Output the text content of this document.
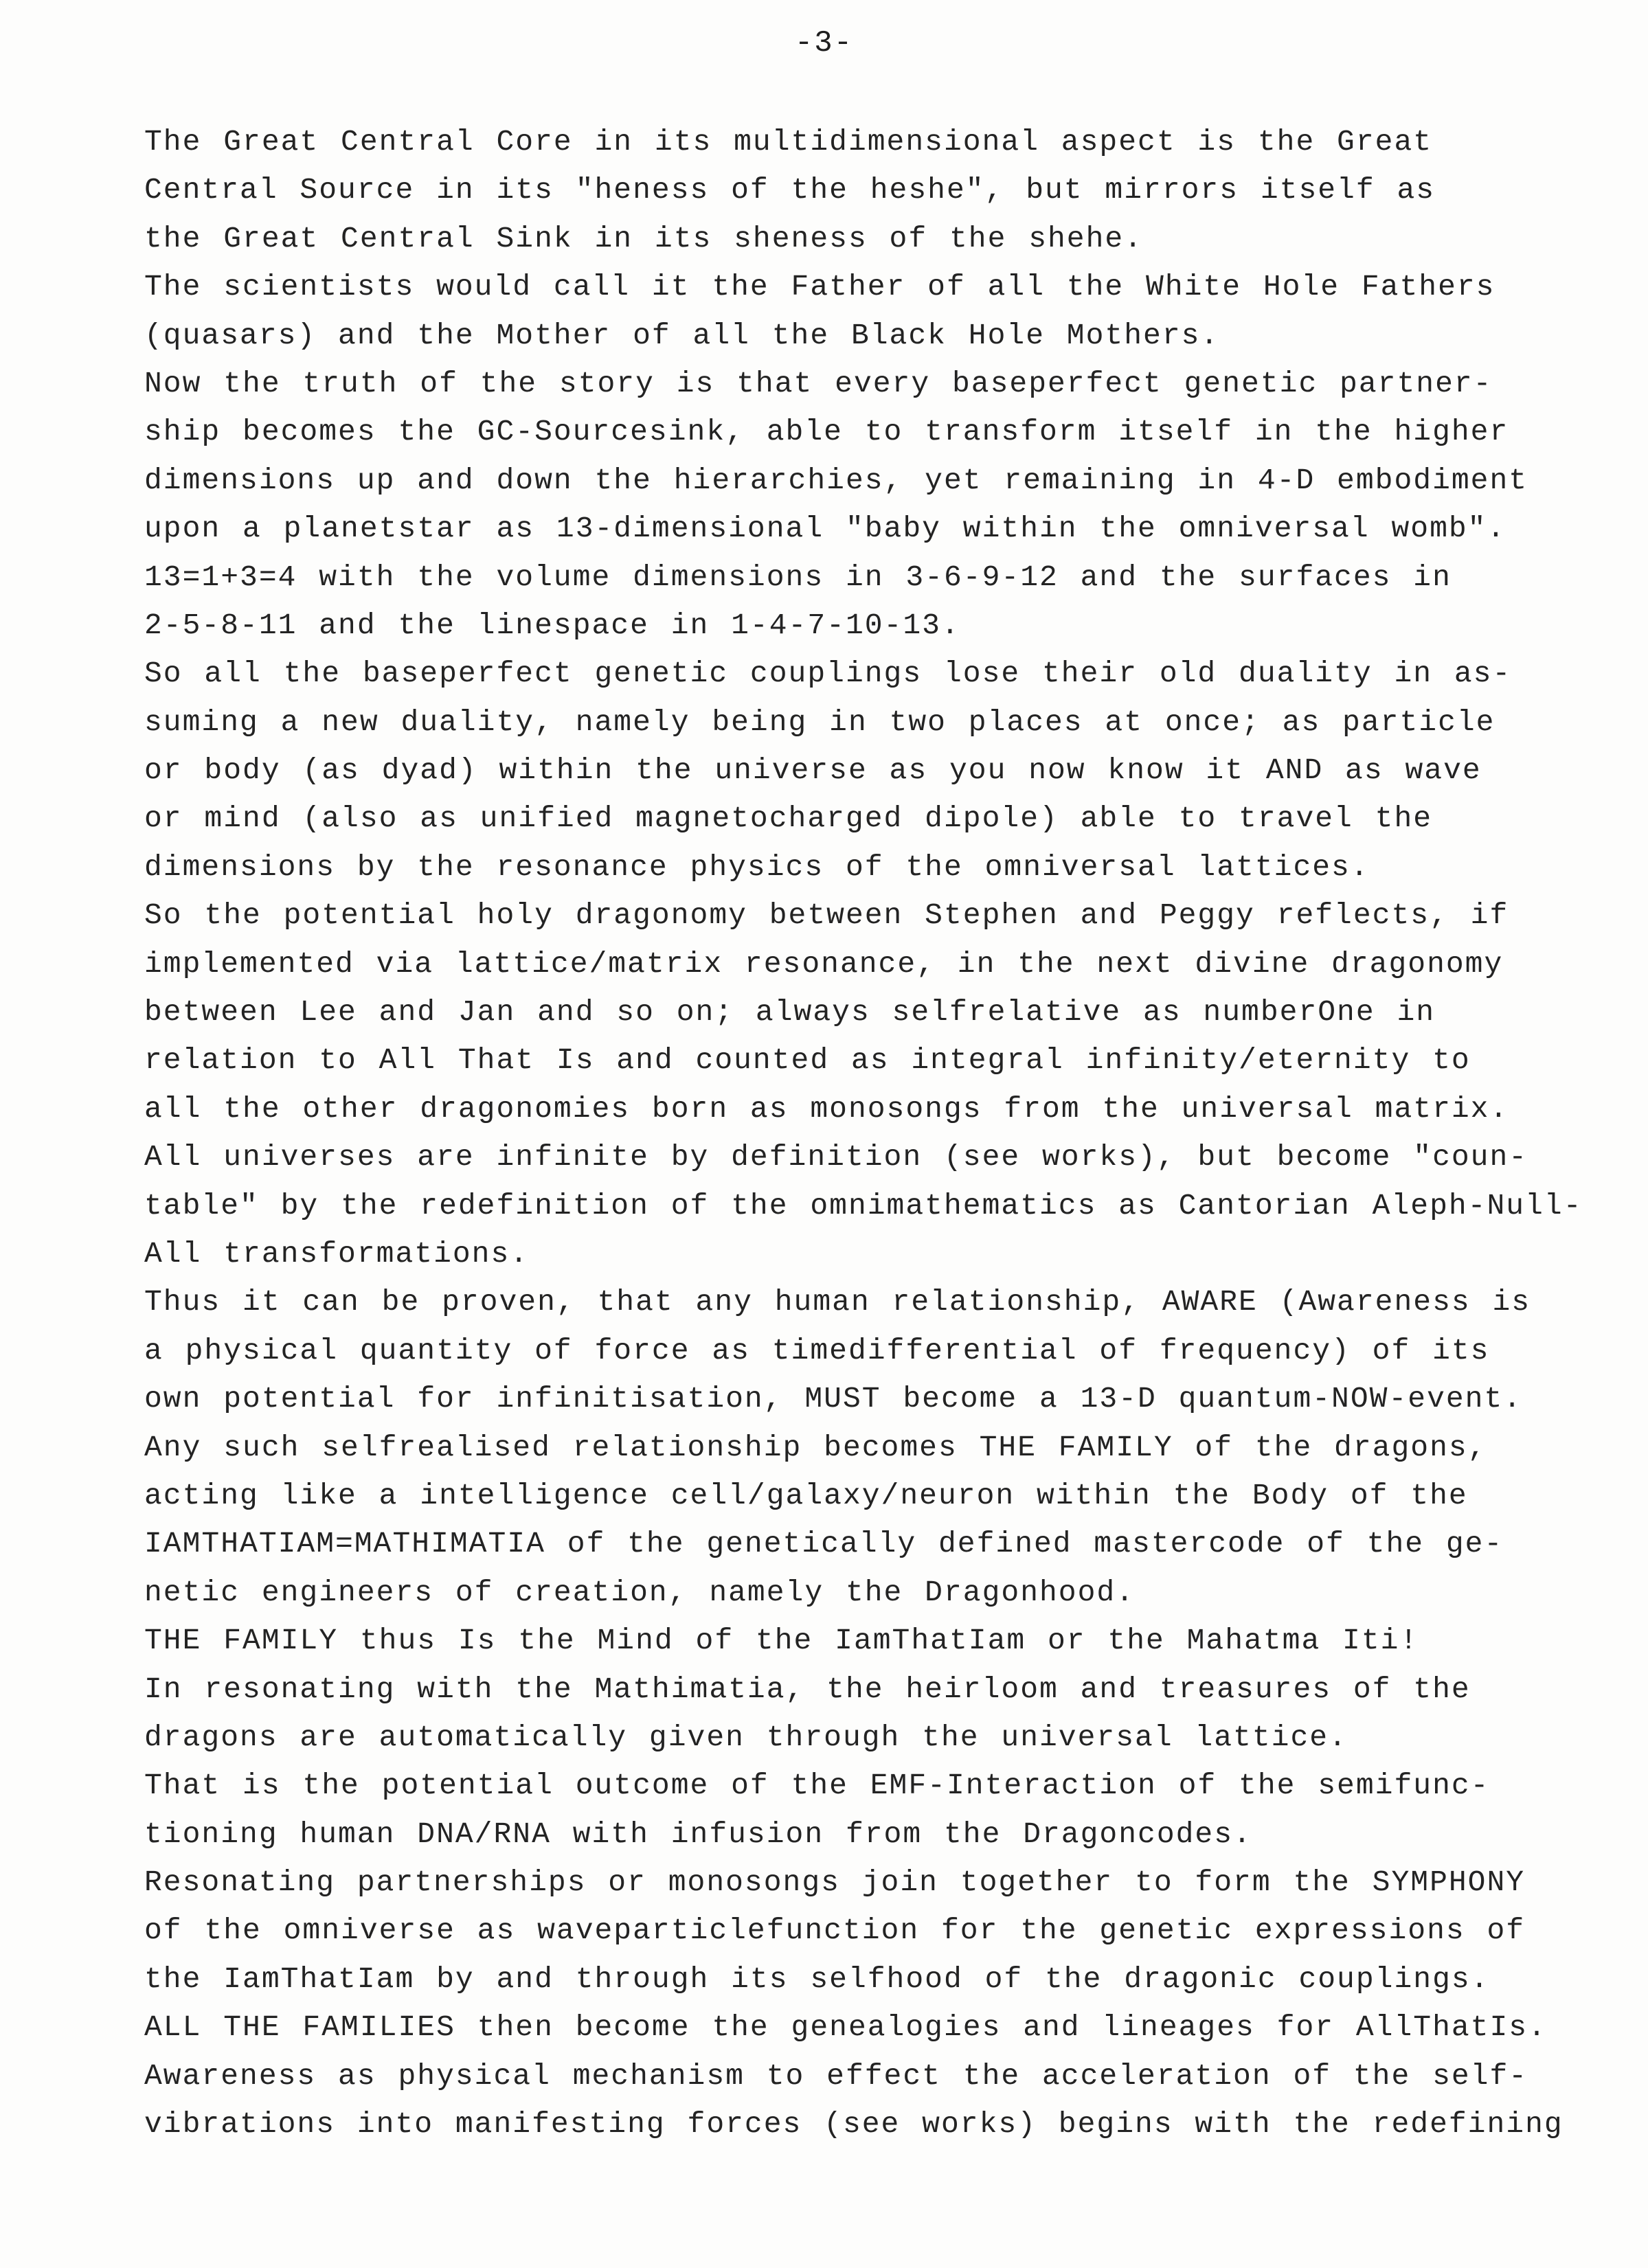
-3-
The Great Central Core in its multidimensional aspect is the Great
Central Source in its "heness of the heshe", but mirrors itself as
the Great Central Sink in its sheness of the shehe.
The scientists would call it the Father of all the White Hole Fathers
(quasars) and the Mother of all the Black Hole Mothers.
Now the truth of the story is that every baseperfect genetic partner-
ship becomes the GC-Sourcesink, able to transform itself in the higher
dimensions up and down the hierarchies, yet remaining in 4-D embodiment
upon a planetstar as 13-dimensional "baby within the omniversal womb".
13=1+3=4 with the volume dimensions in 3-6-9-12 and the surfaces in
2-5-8-11 and the linespace in 1-4-7-10-13.
So all the baseperfect genetic couplings lose their old duality in as-
suming a new duality, namely being in two places at once; as particle
or body (as dyad) within the universe as you now know it AND as wave
or mind (also as unified magnetocharged dipole) able to travel the
dimensions by the resonance physics of the omniversal lattices.
So the potential holy dragonomy between Stephen and Peggy reflects, if
implemented via lattice/matrix resonance, in the next divine dragonomy
between Lee and Jan and so on; always selfrelative as numberOne in
relation to All That Is and counted as integral infinity/eternity to
all the other dragonomies born as monosongs from the universal matrix.
All universes are infinite by definition (see works), but become "coun-
table" by the redefinition of the omnimathematics as Cantorian Aleph-Null-
All transformations.
Thus it can be proven, that any human relationship, AWARE (Awareness is
a physical quantity of force as timedifferential of frequency) of its
own potential for infinitisation, MUST become a 13-D quantum-NOW-event.
Any such selfrealised relationship becomes THE FAMILY of the dragons,
acting like a intelligence cell/galaxy/neuron within the Body of the
IAMTHATIAM=MATHIMATIA of the genetically defined mastercode of the ge-
netic engineers of creation, namely the Dragonhood.
THE FAMILY thus Is the Mind of the IamThatIam or the Mahatma Iti!
In resonating with the Mathimatia, the heirloom and treasures of the
dragons are automatically given through the universal lattice.
That is the potential outcome of the EMF-Interaction of the semifunc-
tioning human DNA/RNA with infusion from the Dragoncodes.
Resonating partnerships or monosongs join together to form the SYMPHONY
of the omniverse as waveparticlefunction for the genetic expressions of
the IamThatIam by and through its selfhood of the dragonic couplings.
ALL THE FAMILIES then become the genealogies and lineages for AllThatIs.
Awareness as physical mechanism to effect the acceleration of the self-
vibrations into manifesting forces (see works) begins with the redefining
